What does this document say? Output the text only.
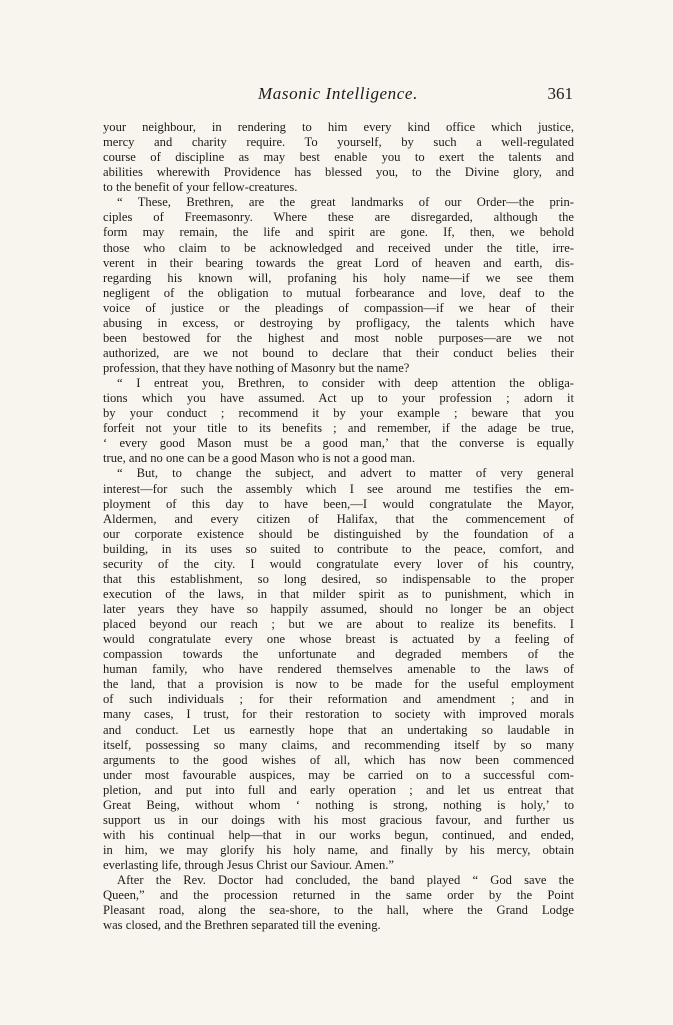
Masonic Intelligence.	361

your neighbour, in rendering to him every kind office which justice,
mercy and charity require. To yourself, by such a well-regulated
course of discipline as may best enable you to exert the talents and
abilities wherewith Providence has blessed you, to the Divine glory, and
to the benefit of your fellow-creatures.

“ These, Brethren, are the great landmarks of our Order—the prin-
ciples of Freemasonry. Where these are disregarded, although the
form may remain, the life and spirit are gone. If, then, we behold
those who claim to be acknowledged and received under the title, irre-
verent in their bearing towards the great Lord of heaven and earth, dis-
regarding his known will, profaning his holy name—if we see them
negligent of the obligation to mutual forbearance and love, deaf to the
voice of justice or the pleadings of compassion—if we hear of their
abusing in excess, or destroying by profligacy, the talents which have
been bestowed for the highest and most noble purposes—are we not
authorized, are we not bound to declare that their conduct belies their
profession, that they have nothing of Masonry but the name?

“ I entreat you, Brethren, to consider with deep attention the obliga-
tions which you have assumed. Act up to your profession ; adorn it
by your conduct ; recommend it by your example ; beware that you
forfeit not your title to its benefits ; and remember, if the adage be true,
‘ every good Mason must be a good man,’ that the converse is equally
true, and no one can be a good Mason who is not a good man.

“ But, to change the subject, and advert to matter of very general
interest—for such the assembly which I see around me testifies the em-
ployment of this day to have been,—I would congratulate the Mayor,
Aldermen, and every citizen of Halifax, that the commencement of
our corporate existence should be distinguished by the foundation of a
building, in its uses so suited to contribute to the peace, comfort, and
security of the city. I would congratulate every lover of his country,
that this establishment, so long desired, so indispensable to the proper
execution of the laws, in that milder spirit as to punishment, which in
later years they have so happily assumed, should no longer be an object
placed beyond our reach ; but we are about to realize its benefits. I
would congratulate every one whose breast is actuated by a feeling of
compassion towards the unfortunate and degraded members of the
human family, who have rendered themselves amenable to the laws of
the land, that a provision is now to be made for the useful employment
of such individuals ; for their reformation and amendment ; and in
many cases, I trust, for their restoration to society with improved morals
and conduct. Let us earnestly hope that an undertaking so laudable in
itself, possessing so many claims, and recommending itself by so many
arguments to the good wishes of all, which has now been commenced
under most favourable auspices, may be carried on to a successful com-
pletion, and put into full and early operation ; and let us entreat that
Great Being, without whom ‘ nothing is strong, nothing is holy,’ to
support us in our doings with his most gracious favour, and further us
with his continual help—that in our works begun, continued, and ended,
in him, we may glorify his holy name, and finally by his mercy, obtain
everlasting life, through Jesus Christ our Saviour. Amen.”

After the Rev. Doctor had concluded, the band played “ God save the
Queen,” and the procession returned in the same order by the Point
Pleasant road, along the sea-shore, to the hall, where the Grand Lodge
was closed, and the Brethren separated till the evening.
